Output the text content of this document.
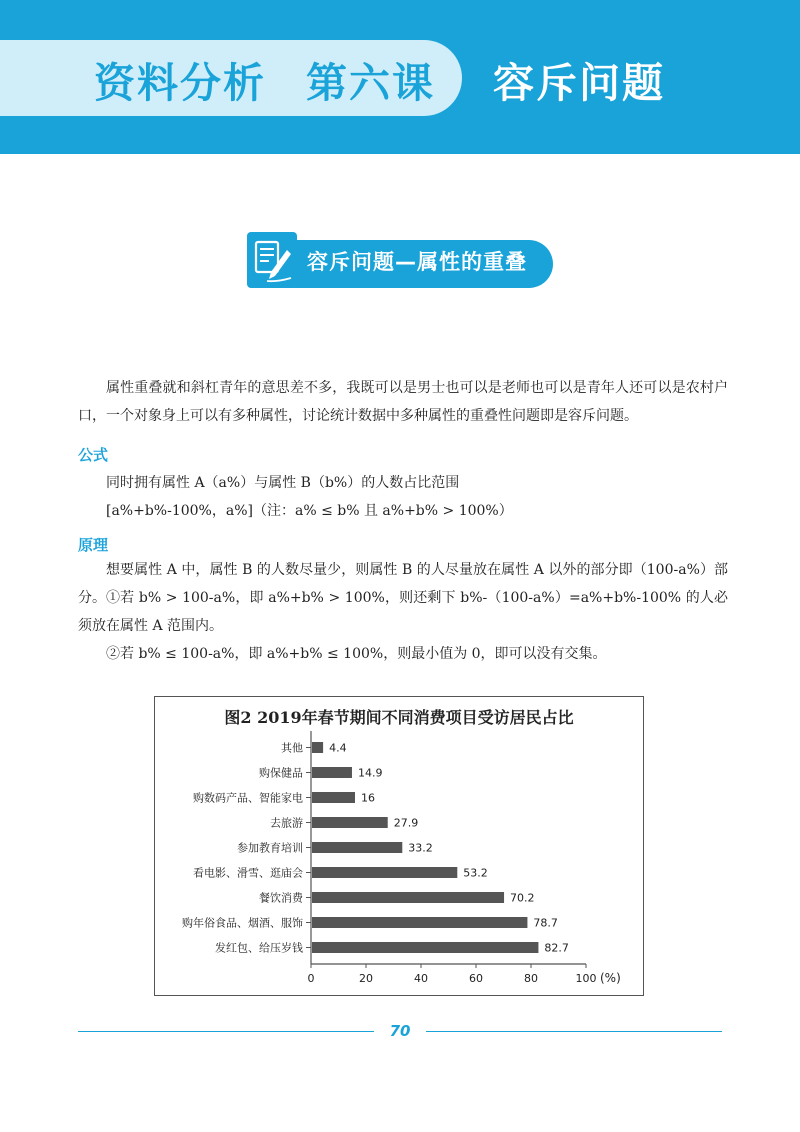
资料分析 第六课 容斥问题
容斥问题—属性的重叠

属性重叠就和斜杠青年的意思差不多，我既可以是男士也可以是老师也可以是青年人还可以是农村户口，一个对象身上可以有多种属性，讨论统计数据中多种属性的重叠性问题即是容斥问题。

公式
同时拥有属性 A（a%）与属性 B（b%）的人数占比范围
[a%+b%-100%，a%]（注：a% ≤ b% 且 a%+b% > 100%）
原理

想要属性 A 中，属性 B 的人数尽量少，则属性 B 的人尽量放在属性 A 以外的部分即（100-a%）部分。 ①若 b% > 100-a%，即 a%+b% > 100%，则还剩下 b%-（100-a%）=a%+b%-100% 的人必须放在属性 A 范围内。

②若 b% ≤ 100-a%，即 a%+b% ≤ 100%，则最小值为 0，即可以没有交集。

图2 2019年春节期间不同消费项目受访居民占比
其他 4.4
购保健品	14.9
购数码产品、智能家电	16
去旅游	27.9
参加教育培训	33.2
看电影、滑雪、逛庙会	53.2
餐饮消费	70.2
购年俗食品、烟酒、服饰	78.7
发红包、给压岁钱	82.7
0	20	40	60	80	100 (%)
70
